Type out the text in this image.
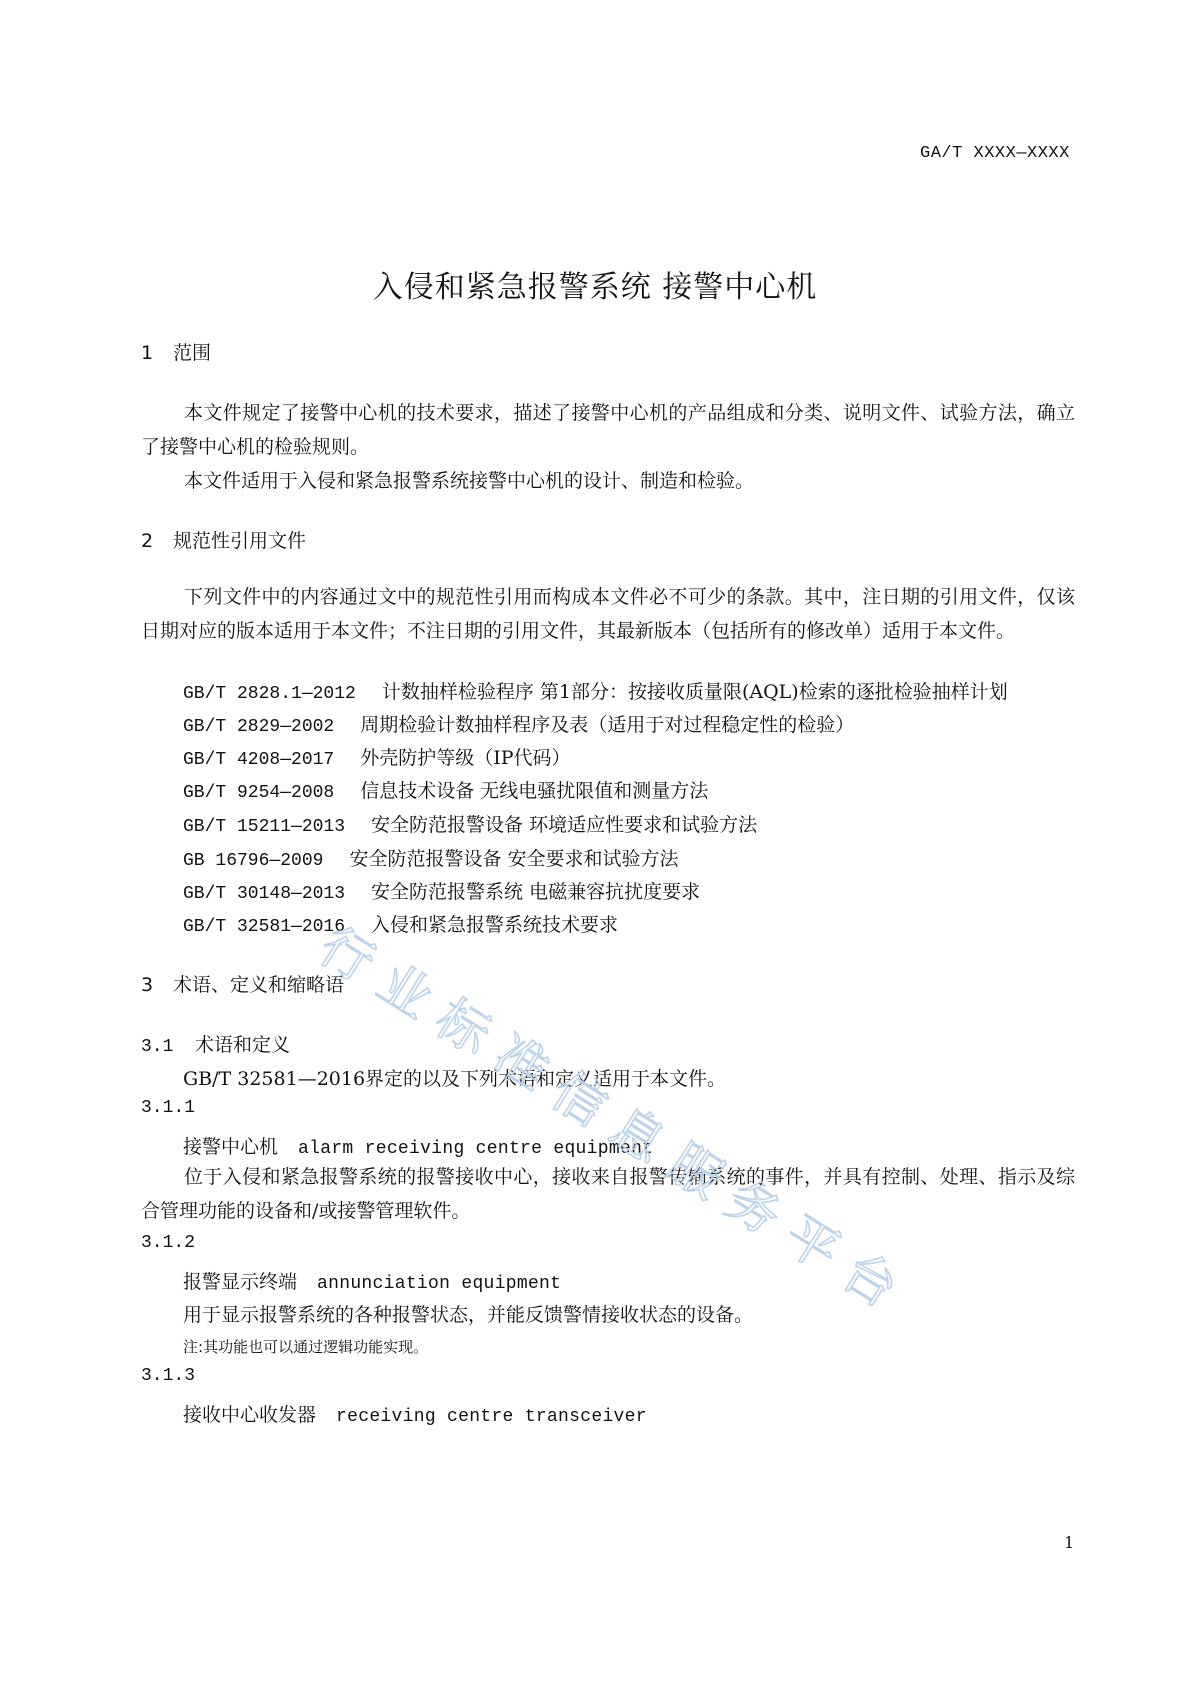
GA/T XXXX—XXXX
入侵和紧急报警系统 接警中心机
1 范围
本文件规定了接警中心机的技术要求，描述了接警中心机的产品组成和分类、说明文件、试验方法，确立了接警中心机的检验规则。
本文件适用于入侵和紧急报警系统接警中心机的设计、制造和检验。
2 规范性引用文件
下列文件中的内容通过文中的规范性引用而构成本文件必不可少的条款。其中，注日期的引用文件，仅该日期对应的版本适用于本文件；不注日期的引用文件，其最新版本（包括所有的修改单）适用于本文件。
GB/T 2828.1—2012 计数抽样检验程序 第1部分：按接收质量限(AQL)检索的逐批检验抽样计划
GB/T 2829—2002 周期检验计数抽样程序及表（适用于对过程稳定性的检验）
GB/T 4208—2017 外壳防护等级（IP代码）
GB/T 9254—2008 信息技术设备 无线电骚扰限值和测量方法
GB/T 15211—2013 安全防范报警设备 环境适应性要求和试验方法
GB 16796—2009 安全防范报警设备 安全要求和试验方法
GB/T 30148—2013 安全防范报警系统 电磁兼容抗扰度要求
GB/T 32581—2016 入侵和紧急报警系统技术要求
3 术语、定义和缩略语
3.1 术语和定义
GB/T 32581—2016界定的以及下列术语和定义适用于本文件。
3.1.1
接警中心机 alarm receiving centre equipment
位于入侵和紧急报警系统的报警接收中心，接收来自报警传输系统的事件，并具有控制、处理、指示及综合管理功能的设备和/或接警管理软件。
3.1.2
报警显示终端 annunciation equipment
用于显示报警系统的各种报警状态，并能反馈警情接收状态的设备。
注:其功能也可以通过逻辑功能实现。
3.1.3
接收中心收发器 receiving centre transceiver
1
行
业
标
准
信
息
服
务
平
台
